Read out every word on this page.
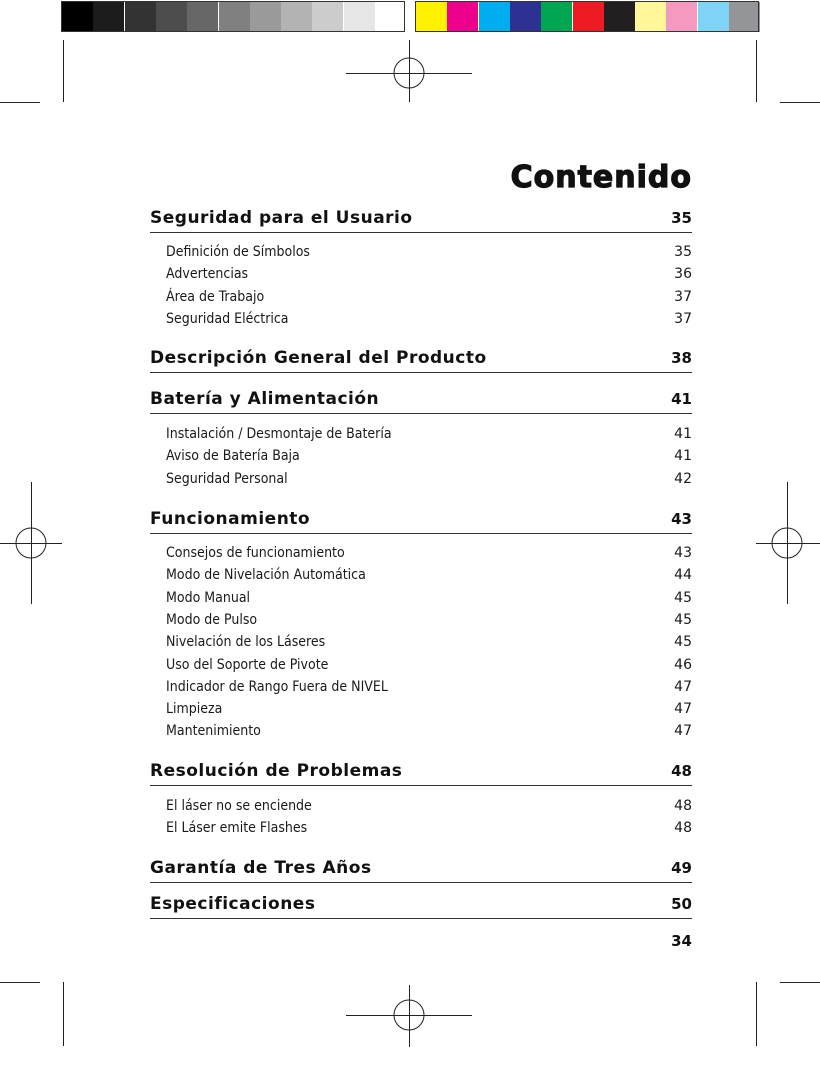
Contenido
34
Seguridad para el Usuario	35
Definición de Símbolos	35
Advertencias	36
Área de Trabajo	37
Seguridad Eléctrica	37
Descripción General del Producto	38
Batería y Alimentación	41
Instalación / Desmontaje de Batería	41
Aviso de Batería Baja	41
Seguridad Personal	42
Funcionamiento	43
Consejos de funcionamiento	43
Modo de Nivelación Automática	44
Modo Manual	45
Modo de Pulso	45
Nivelación de los Láseres	45
Uso del Soporte de Pivote	46
Indicador de Rango Fuera de NIVEL	47
Limpieza	47
Mantenimiento	47
Resolución de Problemas	48
El láser no se enciende	48
El Láser emite Flashes	48
Garantía de Tres Años	49
Especificaciones	50
